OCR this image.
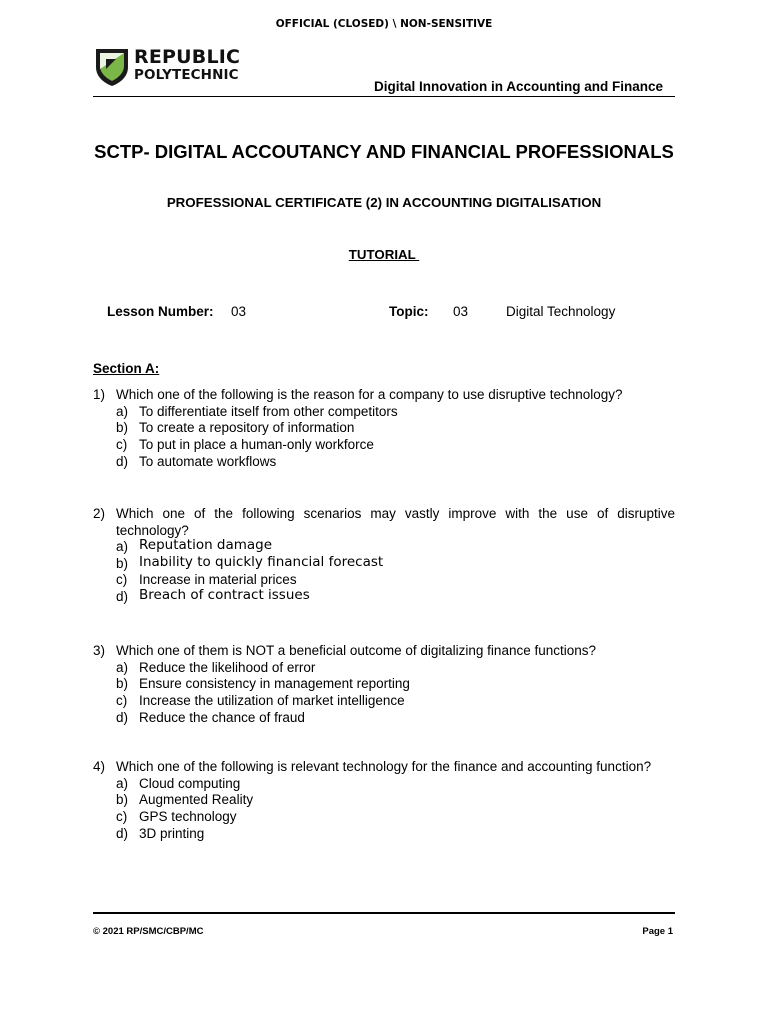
OFFICIAL (CLOSED) \ NON-SENSITIVE
REPUBLIC
POLYTECHNIC
Digital Innovation in Accounting and Finance
SCTP- DIGITAL ACCOUTANCY AND FINANCIAL PROFESSIONALS
PROFESSIONAL CERTIFICATE (2) IN ACCOUNTING DIGITALISATION
TUTORIAL
Lesson Number: 03	Topic: 03	Digital Technology
Section A:
1) Which one of the following is the reason for a company to use disruptive technology?
a) To differentiate itself from other competitors
b) To create a repository of information
c) To put in place a human-only workforce
d) To automate workflows
2) Which one of the following scenarios may vastly improve with the use of disruptive technology?
a) Reputation damage
b) Inability to quickly financial forecast
c) Increase in material prices
d) Breach of contract issues
3) Which one of them is NOT a beneficial outcome of digitalizing finance functions?
a) Reduce the likelihood of error
b) Ensure consistency in management reporting
c) Increase the utilization of market intelligence
d) Reduce the chance of fraud
4) Which one of the following is relevant technology for the finance and accounting function?
a) Cloud computing
b) Augmented Reality
c) GPS technology
d) 3D printing
© 2021 RP/SMC/CBP/MC	Page 1
